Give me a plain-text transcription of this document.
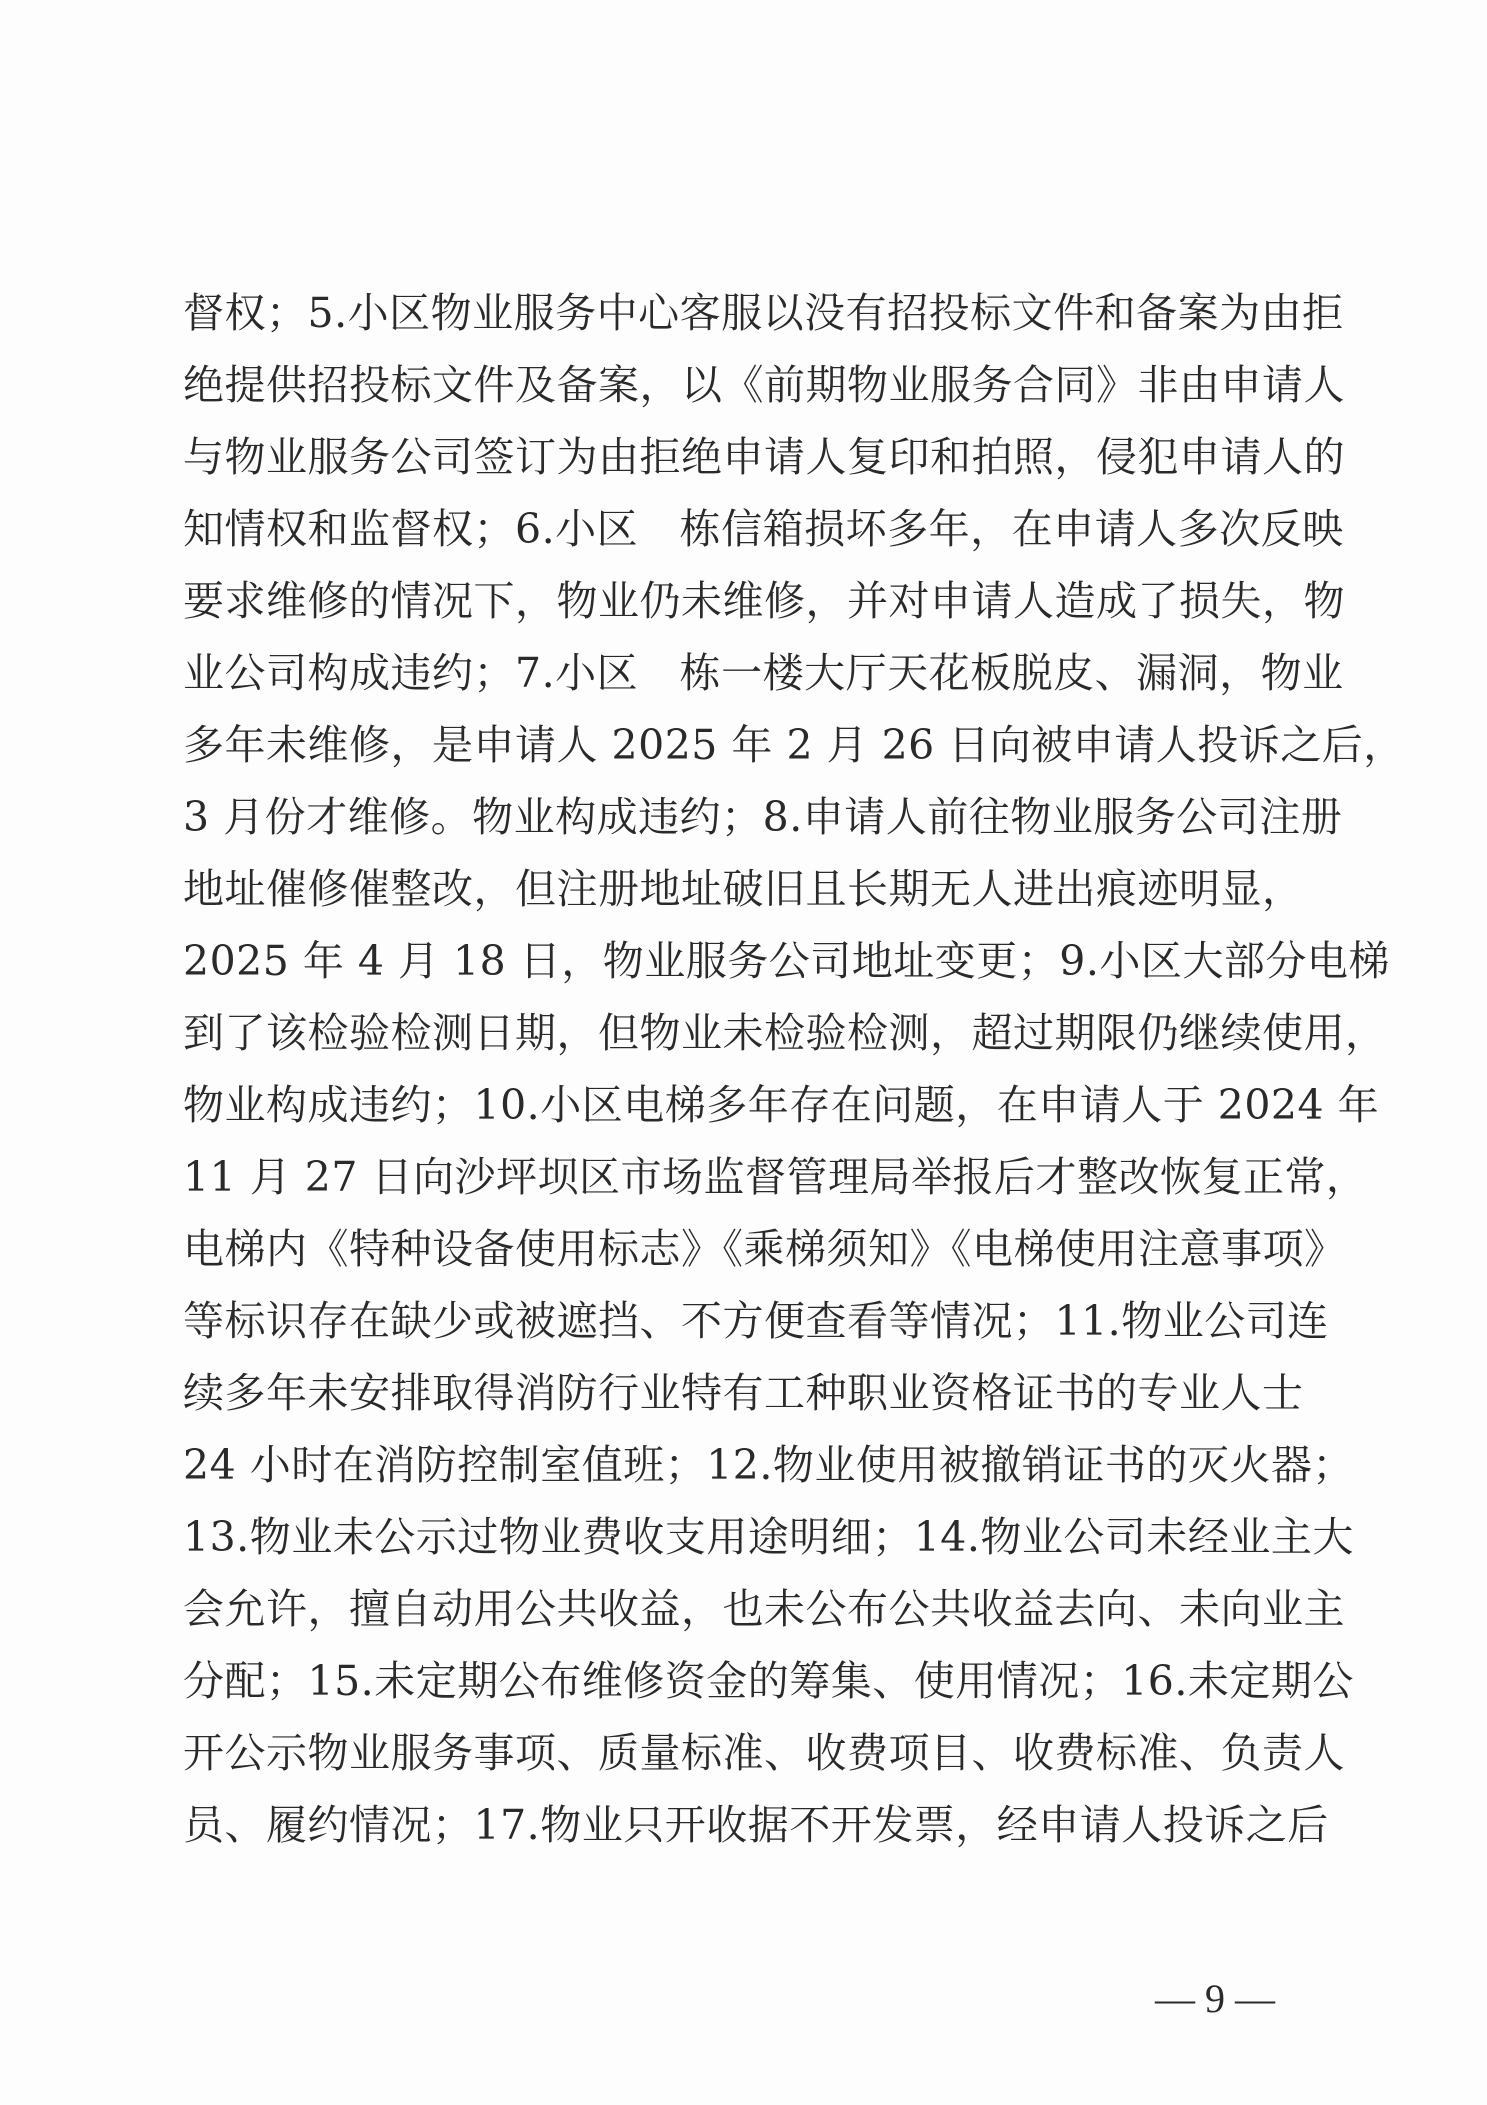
督权；5.小区物业服务中心客服以没有招投标文件和备案为由拒
绝提供招投标文件及备案，以《前期物业服务合同》非由申请人
与物业服务公司签订为由拒绝申请人复印和拍照，侵犯申请人的
知情权和监督权；6.小区　栋信箱损坏多年，在申请人多次反映
要求维修的情况下，物业仍未维修，并对申请人造成了损失，物
业公司构成违约；7.小区　栋一楼大厅天花板脱皮、漏洞，物业
多年未维修，是申请人 2025 年 2 月 26 日向被申请人投诉之后，
3 月份才维修。物业构成违约；8.申请人前往物业服务公司注册
地址催修催整改，但注册地址破旧且长期无人进出痕迹明显，
2025 年 4 月 18 日，物业服务公司地址变更；9.小区大部分电梯
到了该检验检测日期，但物业未检验检测，超过期限仍继续使用，
物业构成违约；10.小区电梯多年存在问题，在申请人于 2024 年
11 月 27 日向沙坪坝区市场监督管理局举报后才整改恢复正常，
电梯内《特种设备使用标志》《乘梯须知》《电梯使用注意事项》
等标识存在缺少或被遮挡、不方便查看等情况；11.物业公司连
续多年未安排取得消防行业特有工种职业资格证书的专业人士
24 小时在消防控制室值班；12.物业使用被撤销证书的灭火器；
13.物业未公示过物业费收支用途明细；14.物业公司未经业主大
会允许，擅自动用公共收益，也未公布公共收益去向、未向业主
分配；15.未定期公布维修资金的筹集、使用情况；16.未定期公
开公示物业服务事项、质量标准、收费项目、收费标准、负责人
员、履约情况；17.物业只开收据不开发票，经申请人投诉之后
— 9 —
